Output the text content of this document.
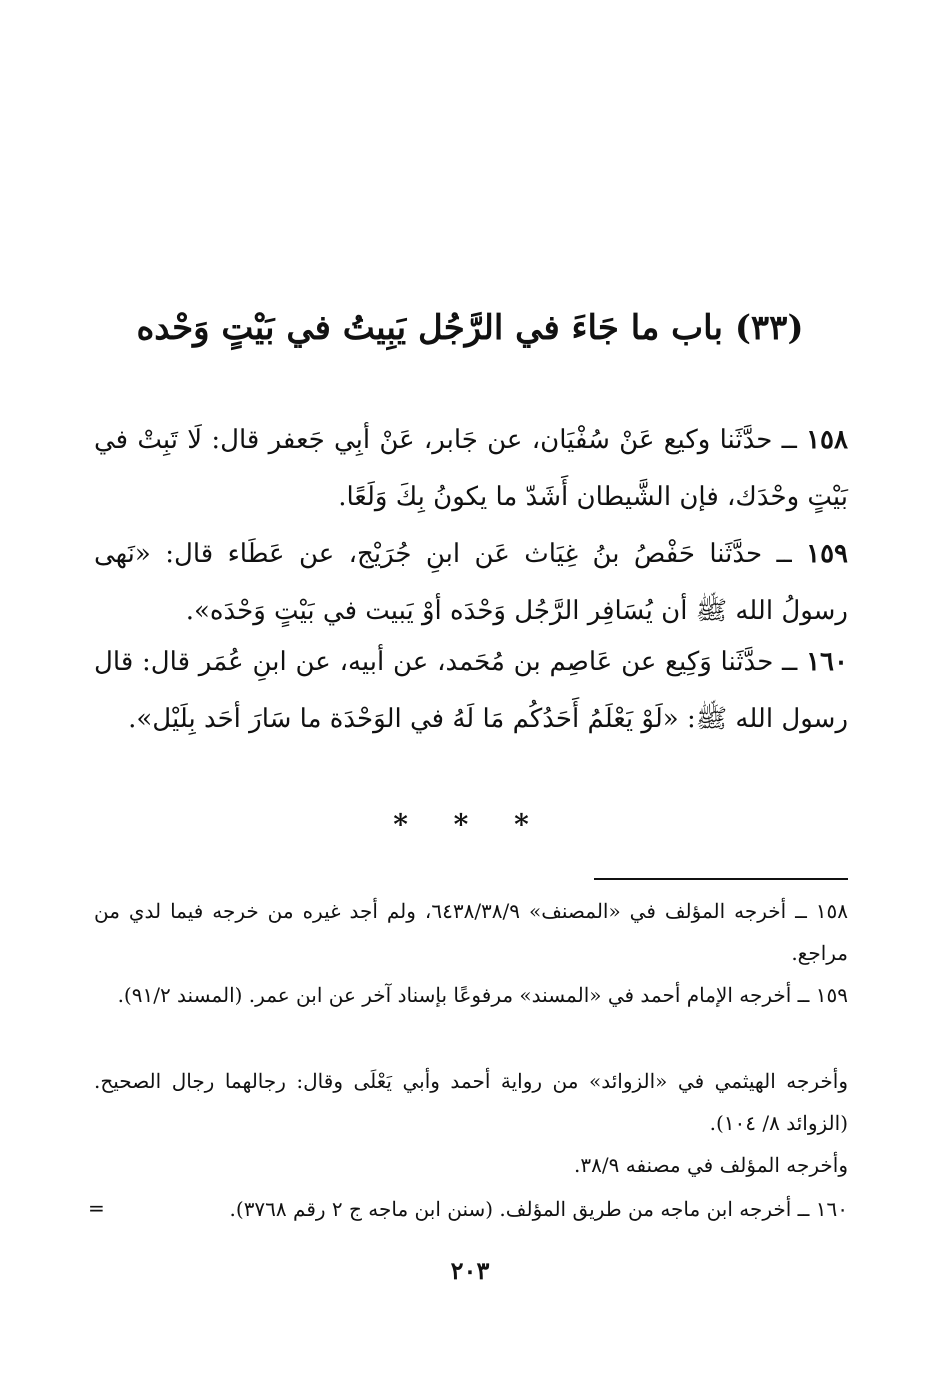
(٣٣) باب ما جَاءَ في الرَّجُل يَبِيتُ في بَيْتٍ وَحْده

١٥٨ ــ حدَّثَنا وكيع عَنْ سُفْيَان، عن جَابر، عَنْ أبِي جَعفر قال: لَا تَبِتْ في بَيْتٍ وحْدَك، فإن الشَّيطان أَشَدّ ما يكونُ بِكَ وَلَعًا.

١٥٩ ــ حدَّثَنا حَفْصُ بنُ غِيَاث عَن ابنِ جُرَيْج، عن عَطَاء قال: «نَهى رسولُ الله ﷺ أن يُسَافِر الرَّجُل وَحْدَه أوْ يَبيت في بَيْتٍ وَحْدَه».

١٦٠ ــ حدَّثَنا وَكِيع عن عَاصِم بن مُحَمد، عن أبيه، عن ابنِ عُمَر قال: قال رسول الله ﷺ: «لَوْ يَعْلَمُ أَحَدُكُم مَا لَهُ في الوَحْدَة ما سَارَ أحَد بِلَيْل».

* * *

١٥٨ ــ أخرجه المؤلف في «المصنف» ٦٤٣٨/٣٨/٩، ولم أجد غيره من خرجه فيما لدي من مراجع.

١٥٩ ــ أخرجه الإمام أحمد في «المسند» مرفوعًا بإسناد آخر عن ابن عمر. (المسند ٩١/٢).

وأخرجه الهيثمي في «الزوائد» من رواية أحمد وأبي يَعْلَى وقال: رجالهما رجال الصحيح. (الزوائد ٨/ ١٠٤).

وأخرجه المؤلف في مصنفه ٣٨/٩.

١٦٠ ــ أخرجه ابن ماجه من طريق المؤلف. (سنن ابن ماجه ج ٢ رقم ٣٧٦٨).

=
٢٠٣
